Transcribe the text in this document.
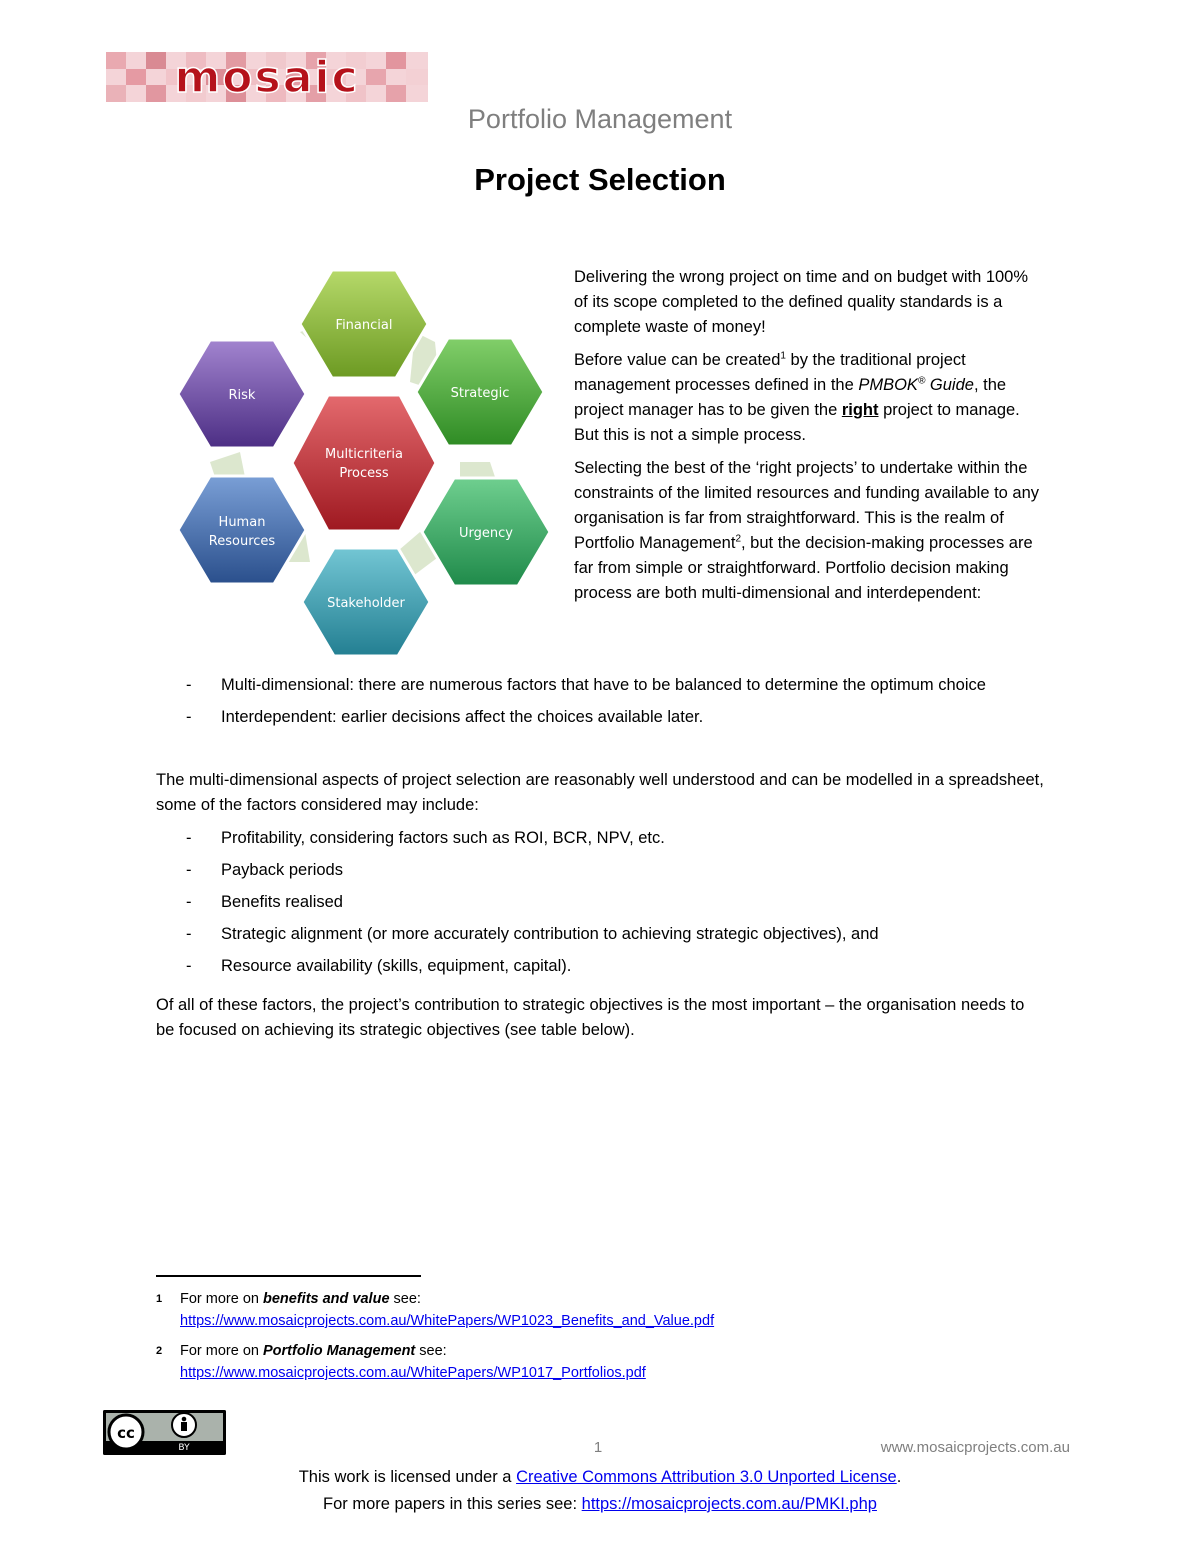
mosaic
Portfolio Management
Project Selection
Financial
Strategic
Urgency
Stakeholder
Human
Resources
Risk
Multicriteria
Process

Delivering the wrong project on time and on budget with 100% of its scope completed to the defined quality standards is a complete waste of money!

Before value can be created$^1$ by the traditional project management processes defined in the PMBOK® Guide, the project manager has to be given the right project to manage. But this is not a simple process.

Selecting the best of the ‘right projects’ to undertake within the constraints of the limited resources and funding available to any organisation is far from straightforward. This is the realm of Portfolio Management$^2$, but the decision-making processes are far from simple or straightforward. Portfolio decision making process are both multi-dimensional and interdependent:

- Multi-dimensional: there are numerous factors that have to be balanced to determine the optimum choice
- Interdependent: earlier decisions affect the choices available later.

The multi-dimensional aspects of project selection are reasonably well understood and can be modelled in a spreadsheet, some of the factors considered may include:

- Profitability, considering factors such as ROI, BCR, NPV, etc.
- Payback periods
- Benefits realised
- Strategic alignment (or more accurately contribution to achieving strategic objectives), and
- Resource availability (skills, equipment, capital).

Of all of these factors, the project’s contribution to strategic objectives is the most important – the organisation needs to be focused on achieving its strategic objectives (see table below).

1 For more on benefits and value see:
https://www.mosaicprojects.com.au/WhitePapers/WP1023_Benefits_and_Value.pdf
2 For more on Portfolio Management see:
https://www.mosaicprojects.com.au/WhitePapers/WP1017_Portfolios.pdf
cc
BY	1	www.mosaicprojects.com.au
This work is licensed under a Creative Commons Attribution 3.0 Unported License.
For more papers in this series see: https://mosaicprojects.com.au/PMKI.php
